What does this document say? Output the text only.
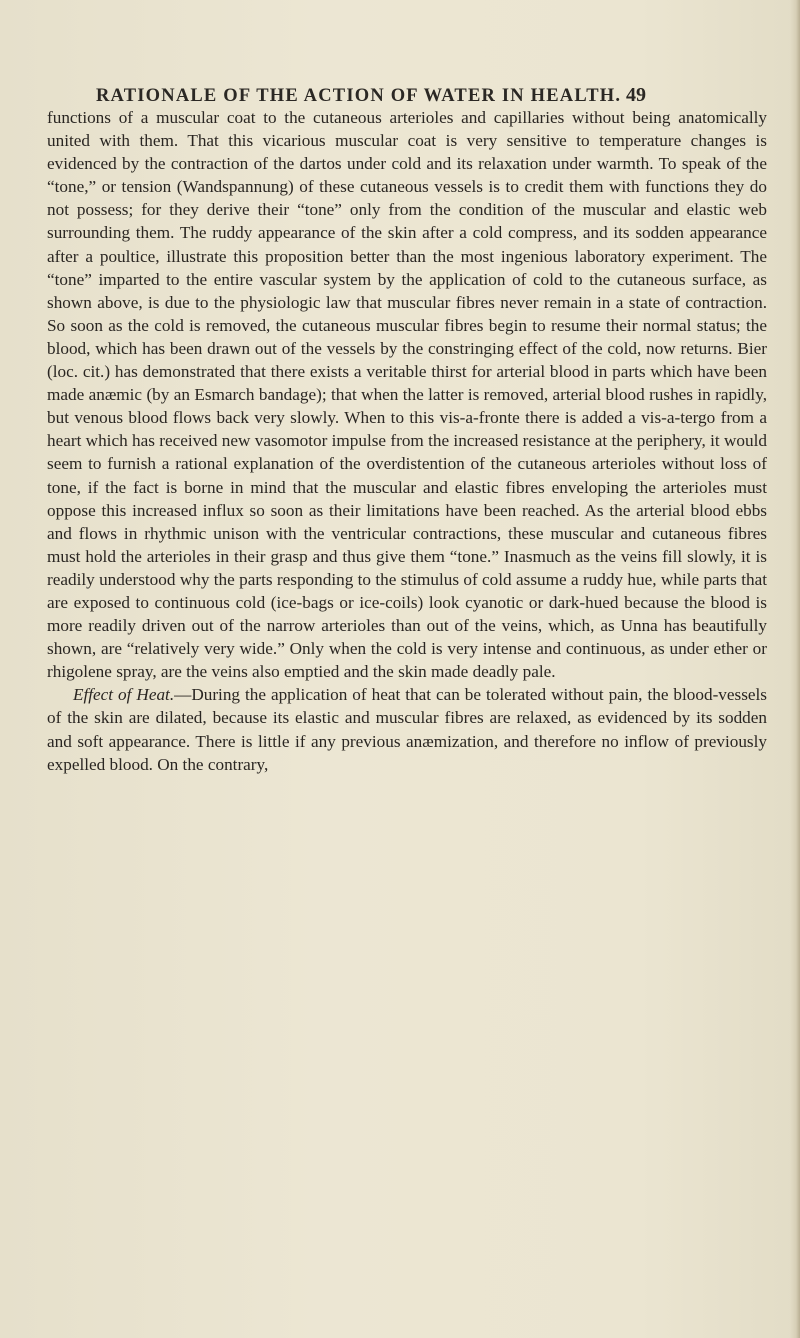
RATIONALE OF THE ACTION OF WATER IN HEALTH. 49

functions of a muscular coat to the cutaneous arterioles and capillaries without being anatomically united with them. That this vicarious muscular coat is very sensitive to temperature changes is evidenced by the contraction of the dartos under cold and its relaxation under warmth. To speak of the “tone,” or tension (Wandspannung) of these cutaneous vessels is to credit them with functions they do not possess; for they derive their “tone” only from the condition of the muscular and elastic web surrounding them. The ruddy appearance of the skin after a cold compress, and its sodden appearance after a poultice, illustrate this proposition better than the most ingenious laboratory experiment. The “tone” imparted to the entire vascular system by the application of cold to the cutaneous surface, as shown above, is due to the physiologic law that muscular fibres never remain in a state of contraction. So soon as the cold is removed, the cutaneous muscular fibres begin to resume their normal status; the blood, which has been drawn out of the vessels by the constringing effect of the cold, now returns. Bier (loc. cit.) has demonstrated that there exists a veritable thirst for arterial blood in parts which have been made anæmic (by an Esmarch bandage); that when the latter is removed, arterial blood rushes in rapidly, but venous blood flows back very slowly. When to this vis-a-fronte there is added a vis-a-tergo from a heart which has received new vasomotor impulse from the increased resistance at the periphery, it would seem to furnish a rational explanation of the overdistention of the cutaneous arterioles without loss of tone, if the fact is borne in mind that the muscular and elastic fibres enveloping the arterioles must oppose this increased influx so soon as their limitations have been reached. As the arterial blood ebbs and flows in rhythmic unison with the ventricular contractions, these muscular and cutaneous fibres must hold the arterioles in their grasp and thus give them “tone.” Inasmuch as the veins fill slowly, it is readily understood why the parts responding to the stimulus of cold assume a ruddy hue, while parts that are exposed to continuous cold (ice-bags or ice-coils) look cyanotic or dark-hued because the blood is more readily driven out of the narrow arterioles than out of the veins, which, as Unna has beautifully shown, are “relatively very wide.” Only when the cold is very intense and continuous, as under ether or rhigolene spray, are the veins also emptied and the skin made deadly pale.

Effect of Heat.—During the application of heat that can be tolerated without pain, the blood-vessels of the skin are dilated, because its elastic and muscular fibres are relaxed, as evidenced by its sodden and soft appearance. There is little if any previous anæmization, and therefore no inflow of previously expelled blood. On the contrary,
